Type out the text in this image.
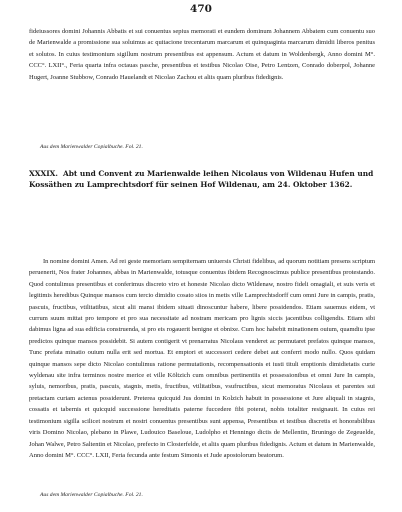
470

fideiussores domini Johannis Abbatis et sui conuentus sepius memorati et eundem dominum Johannem Abbatem cum conuentu suo de Marienwalde a promissione sua soluimus ac quitacione trecentarum marcarum et quinquaginta marcarum dimidii liberos penitus et solutos. In cuius testimonium sigillum nostrum presentibus est appensum. Actum et datum in Woldenbergk, Anno domini M°. CCC°. LXII°., Feria quarta infra octauas pasche, presentibus et testibus Nicolao Oise, Petro Lentzen, Conrado doberpol, Johanne Hugert, Joanne Stubbow, Conrado Hauelandt et Nicolao Zachou et aliis quam pluribus fidedignis.

Aus dem Marienwalder Copialbuche. Fol. 21.
XXXIX. Abt und Convent zu Marienwalde leihen Nicolaus von Wildenau Hufen und Kossäthen zu Lamprechtsdorf für seinen Hof Wildenau, am 24. Oktober 1362.

In nomine domini Amen. Ad rei geste memoriam sempiternam uniuersis Christi fidelibus, ad quorum notitiam presens scriptum peruenerit, Nos frater Johannes, abbas in Marienwalde, totusque conuentus ibidem Recognoscimus publice presentibus protestando. Quod contulimus presentibus et conferimus discreto viro et honeste Nicolao dicto Wildenaw, nostro fideli omagiali, et suis veris et legitimis heredibus Quinque mansos cum tercio dimidio cosato siios in metis ville Lamprechtsdorff cum omni Jure in campis, pratis, pascuis, fructibus, vtilitatibus, sicut alii mansi ibidem situati dinoscuntur habere, libere possidendos. Etiam sauemus eidem, vt currum suum mittat pro tempore et pro sua necessitate ad nostram mericam pro lignis siccis jacentibus colligendis. Etiam sibi dabimus ligna ad sua edificia construenda, si pro eis rogauerit benigne et obnixe. Cum hoc habebit minationem ouium, quamdiu ipse predictos quinque mansos possidebit. Si autem contigerit vt prenarratus Nicolaus venderet ac permutaret prefatos quinque mansos, Tunc prefata minatio ouium nulla erit sed mortua. Et emptori et successori cedere debet aut conferri modo nullo. Quos quidam quinque mansos sepe dicto Nicolao contulimus ratione permutationis, recompensationis et iusti tituli emptionis dimidietatis curie wyldenau site infra terminos nostre merice et ville Költzich cum omnibus pertinentiis et possessionibus et omni Jure In campis, syluis, nemoribus, pratis, pascuis, stagnis, metis, fructibus, vtilitatibus, vsufructibus, sicut memoratus Nicolaus et parentes sui pretactam curiam actenus possiderunt. Preterea quicquid Jus domini in Kolzich habuit in possessione et Jure aliquali in stagnis, cossatis et tabernis et quicquid successione hereditatis paterne fuccedere fibi poterat, nobis totaliter resignauit. In cuius rei testimonium sigilla scilicet nostrum et nostri conuentus presentibus sunt appensa, Presentibus et testibus discretis et honorabilibus viris Domino Nicolao, plebano in Plawe, Ludouico Baseloue, Ludolpho et Henningo dictis de Mellentin, Bruningo de Zegeuelde, Johan Walwe, Petro Saltentin et Nicolao, prefecto in Closterfelde, et aliis quam pluribus fidedignis. Actum et datum in Marienwalde, Anno domini M°. CCC°. LXII, Feria fecunda ante festum Simonis et Jude apostolorum beatorum.

Aus dem Marienwalder Copialbuche. Fol. 21.
